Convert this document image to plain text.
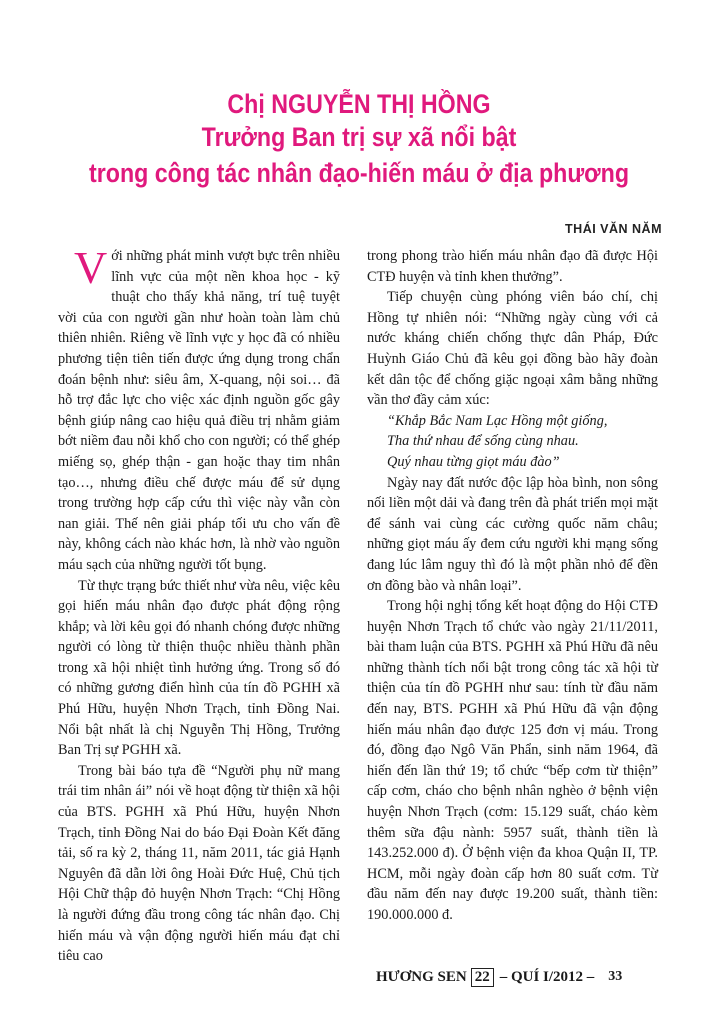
Chị NGUYỄN THỊ HỒNG
Trưởng Ban trị sự xã nổi bật
trong công tác nhân đạo-hiến máu ở địa phương
THÁI VĂN NĂM

Với những phát minh vượt bực trên nhiều lĩnh vực của một nền khoa học - kỹ thuật cho thấy khả năng, trí tuệ tuyệt vời của con người gần như hoàn toàn làm chủ thiên nhiên. Riêng về lĩnh vực y học đã có nhiều phương tiện tiên tiến được ứng dụng trong chẩn đoán bệnh như: siêu âm, X-quang, nội soi… đã hỗ trợ đắc lực cho việc xác định nguồn gốc gây bệnh giúp nâng cao hiệu quả điều trị nhằm giảm bớt niềm đau nỗi khổ cho con người; có thể ghép miếng sọ, ghép thận - gan hoặc thay tim nhân tạo…, nhưng điều chế được máu để sử dụng trong trường hợp cấp cứu thì việc này vẫn còn nan giải. Thế nên giải pháp tối ưu cho vấn đề này, không cách nào khác hơn, là nhờ vào nguồn máu sạch của những người tốt bụng.

Từ thực trạng bức thiết như vừa nêu, việc kêu gọi hiến máu nhân đạo được phát động rộng khắp; và lời kêu gọi đó nhanh chóng được những người có lòng từ thiện thuộc nhiều thành phần trong xã hội nhiệt tình hưởng ứng. Trong số đó có những gương điển hình của tín đồ PGHH xã Phú Hữu, huyện Nhơn Trạch, tỉnh Đồng Nai. Nổi bật nhất là chị Nguyễn Thị Hồng, Trưởng Ban Trị sự PGHH xã.

Trong bài báo tựa đề “Người phụ nữ mang trái tim nhân ái” nói về hoạt động từ thiện xã hội của BTS. PGHH xã Phú Hữu, huyện Nhơn Trạch, tỉnh Đồng Nai do báo Đại Đoàn Kết đăng tải, số ra kỳ 2, tháng 11, năm 2011, tác giả Hạnh Nguyên đã dẫn lời ông Hoài Đức Huệ, Chủ tịch Hội Chữ thập đỏ huyện Nhơn Trạch: “Chị Hồng là người đứng đầu trong công tác nhân đạo. Chị hiến máu và vận động người hiến máu đạt chỉ tiêu cao

trong phong trào hiến máu nhân đạo đã được Hội CTĐ huyện và tỉnh khen thưởng”.

Tiếp chuyện cùng phóng viên báo chí, chị Hồng tự nhiên nói: “Những ngày cùng với cả nước kháng chiến chống thực dân Pháp, Đức Huỳnh Giáo Chủ đã kêu gọi đồng bào hãy đoàn kết dân tộc để chống giặc ngoại xâm bằng những vần thơ đầy cảm xúc:

“Khắp Bắc Nam Lạc Hồng một giống,

Tha thứ nhau để sống cùng nhau.

Quý nhau từng giọt máu đào”

Ngày nay đất nước độc lập hòa bình, non sông nối liền một dải và đang trên đà phát triển mọi mặt để sánh vai cùng các cường quốc năm châu; những giọt máu ấy đem cứu người khi mạng sống đang lúc lâm nguy thì đó là một phần nhỏ để đền ơn đồng bào và nhân loại”.

Trong hội nghị tổng kết hoạt động do Hội CTĐ huyện Nhơn Trạch tổ chức vào ngày 21/11/2011, bài tham luận của BTS. PGHH xã Phú Hữu đã nêu những thành tích nổi bật trong công tác xã hội từ thiện của tín đồ PGHH như sau: tính từ đầu năm đến nay, BTS. PGHH xã Phú Hữu đã vận động hiến máu nhân đạo được 125 đơn vị máu. Trong đó, đồng đạo Ngô Văn Phẩn, sinh năm 1964, đã hiến đến lần thứ 19; tổ chức “bếp cơm từ thiện” cấp cơm, cháo cho bệnh nhân nghèo ở bệnh viện huyện Nhơn Trạch (cơm: 15.129 suất, cháo kèm thêm sữa đậu nành: 5957 suất, thành tiền là 143.252.000 đ). Ở bệnh viện đa khoa Quận II, TP. HCM, mỗi ngày đoàn cấp hơn 80 suất cơm. Từ đầu năm đến nay được 19.200 suất, thành tiền: 190.000.000 đ.

HƯƠNG SEN 22 – QUÍ I/2012 – 33
